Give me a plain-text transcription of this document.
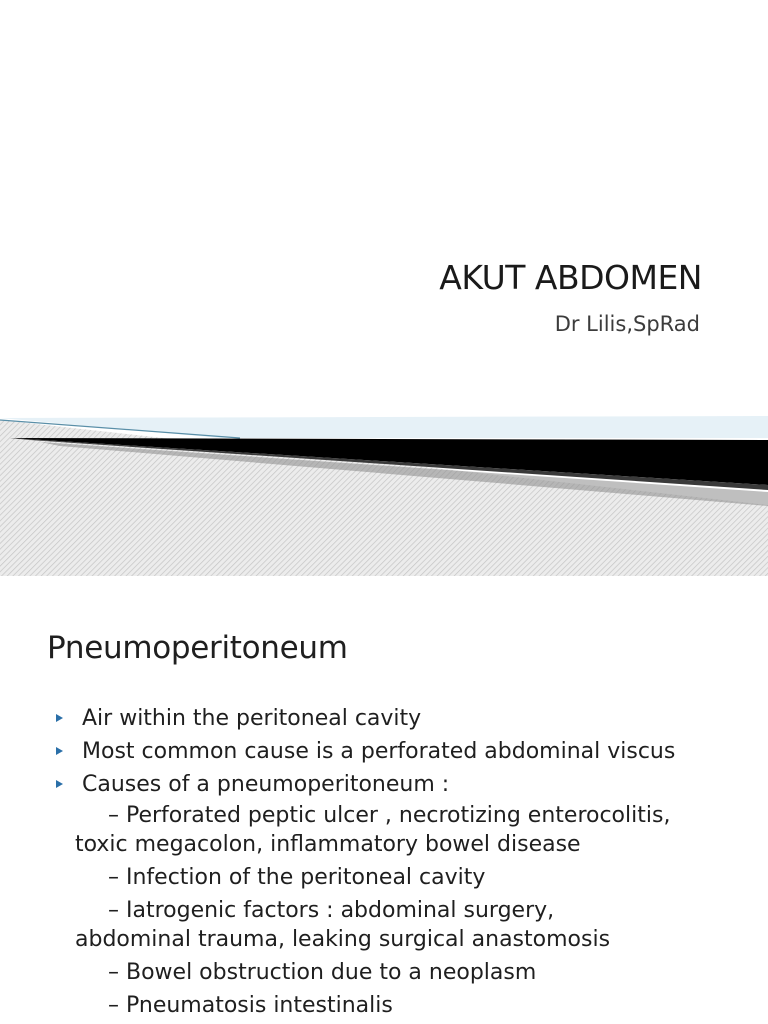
AKUT ABDOMEN
Dr Lilis,SpRad
Pneumoperitoneum
Air within the peritoneal cavity
Most common cause is a perforated abdominal viscus
Causes of a pneumoperitoneum :
– Perforated peptic ulcer , necrotizing enterocolitis,
toxic megacolon, inflammatory bowel disease
– Infection of the peritoneal cavity
– Iatrogenic factors : abdominal surgery,
abdominal trauma, leaking surgical anastomosis
– Bowel obstruction due to a neoplasm
– Pneumatosis intestinalis
